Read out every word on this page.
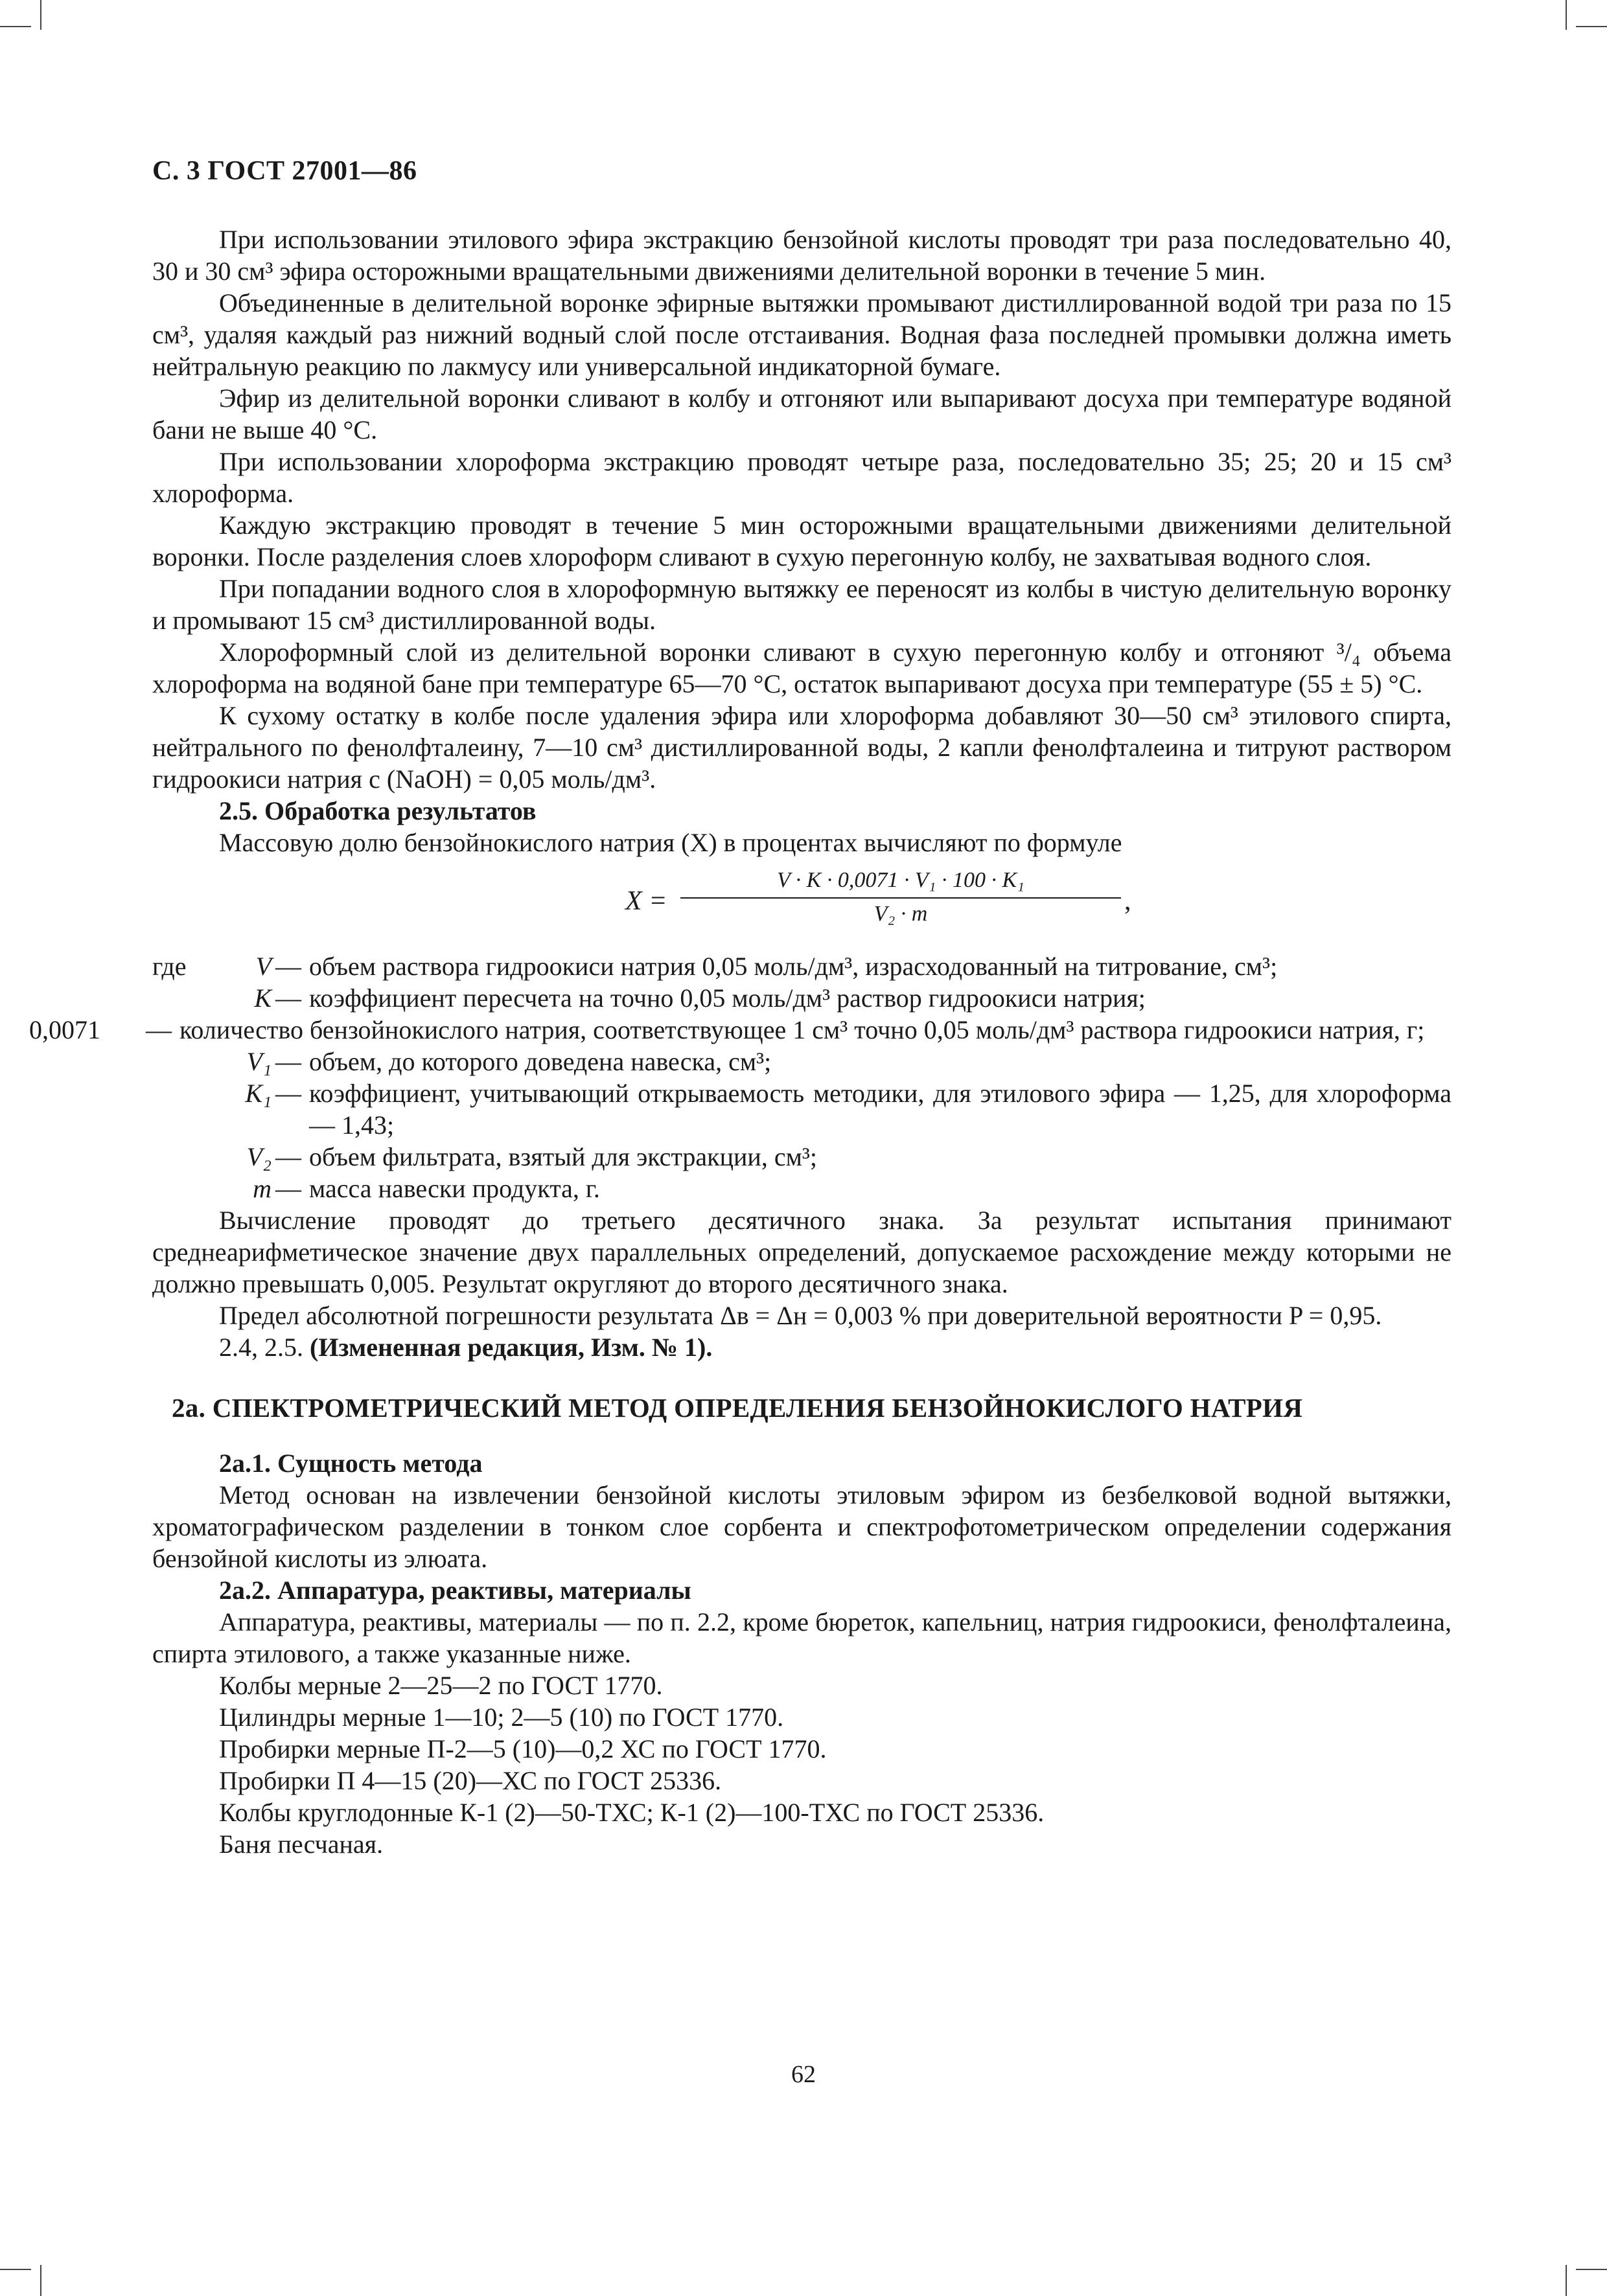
С. 3 ГОСТ 27001—86

При использовании этилового эфира экстракцию бензойной кислоты проводят три раза последовательно 40, 30 и 30 см³ эфира осторожными вращательными движениями делительной воронки в течение 5 мин.

Объединенные в делительной воронке эфирные вытяжки промывают дистиллированной водой три раза по 15 см³, удаляя каждый раз нижний водный слой после отстаивания. Водная фаза последней промывки должна иметь нейтральную реакцию по лакмусу или универсальной индикаторной бумаге.

Эфир из делительной воронки сливают в колбу и отгоняют или выпаривают досуха при температуре водяной бани не выше 40 °С.

При использовании хлороформа экстракцию проводят четыре раза, последовательно 35; 25; 20 и 15 см³ хлороформа.

Каждую экстракцию проводят в течение 5 мин осторожными вращательными движениями делительной воронки. После разделения слоев хлороформ сливают в сухую перегонную колбу, не захватывая водного слоя.

При попадании водного слоя в хлороформную вытяжку ее переносят из колбы в чистую делительную воронку и промывают 15 см³ дистиллированной воды.

Хлороформный слой из делительной воронки сливают в сухую перегонную колбу и отгоняют ³/₄ объема хлороформа на водяной бане при температуре 65—70 °С, остаток выпаривают досуха при температуре (55 ± 5) °С.

К сухому остатку в колбе после удаления эфира или хлороформа добавляют 30—50 см³ этилового спирта, нейтрального по фенолфталеину, 7—10 см³ дистиллированной воды, 2 капли фенолфталеина и титруют раствором гидроокиси натрия c (NaOH) = 0,05 моль/дм³.

2.5. Обработка результатов

Массовую долю бензойнокислого натрия (X) в процентах вычисляют по формуле

$X = \frac{\text{V · K · 0,0071 · V₁ · 100 · K₁}}{\text{V₂ · m}}$ ,
где	V — объем раствора гидроокиси натрия 0,05 моль/дм³, израсходованный на титрование, см³;
K — коэффициент пересчета на точно 0,05 моль/дм³ раствор гидроокиси натрия;
0,0071	— количество бензойнокислого натрия, соответствующее 1 см³ точно 0,05 моль/дм³ раствора гидроокиси натрия, г;
V₁ — объем, до которого доведена навеска, см³;
K₁ — коэффициент, учитывающий открываемость методики, для этилового эфира — 1,25, для хлороформа — 1,43;
V₂ — объем фильтрата, взятый для экстракции, см³;
m — масса навески продукта, г.

Вычисление проводят до третьего десятичного знака. За результат испытания принимают среднеарифметическое значение двух параллельных определений, допускаемое расхождение между которыми не должно превышать 0,005. Результат округляют до второго десятичного знака.

Предел абсолютной погрешности результата Δв = Δн = 0,003 % при доверительной вероятности P = 0,95.

2.4, 2.5. (Измененная редакция, Изм. № 1).

2а. СПЕКТРОМЕТРИЧЕСКИЙ МЕТОД ОПРЕДЕЛЕНИЯ БЕНЗОЙНОКИСЛОГО НАТРИЯ

2а.1. Сущность метода

Метод основан на извлечении бензойной кислоты этиловым эфиром из безбелковой водной вытяжки, хроматографическом разделении в тонком слое сорбента и спектрофотометрическом определении содержания бензойной кислоты из элюата.

2а.2. Аппаратура, реактивы, материалы

Аппаратура, реактивы, материалы — по п. 2.2, кроме бюреток, капельниц, натрия гидроокиси, фенолфталеина, спирта этилового, а также указанные ниже.

Колбы мерные 2—25—2 по ГОСТ 1770.

Цилиндры мерные 1—10; 2—5 (10) по ГОСТ 1770.

Пробирки мерные П-2—5 (10)—0,2 ХС по ГОСТ 1770.

Пробирки П 4—15 (20)—ХС по ГОСТ 25336.

Колбы круглодонные К-1 (2)—50-ТХС; К-1 (2)—100-ТХС по ГОСТ 25336.

Баня песчаная.

62
